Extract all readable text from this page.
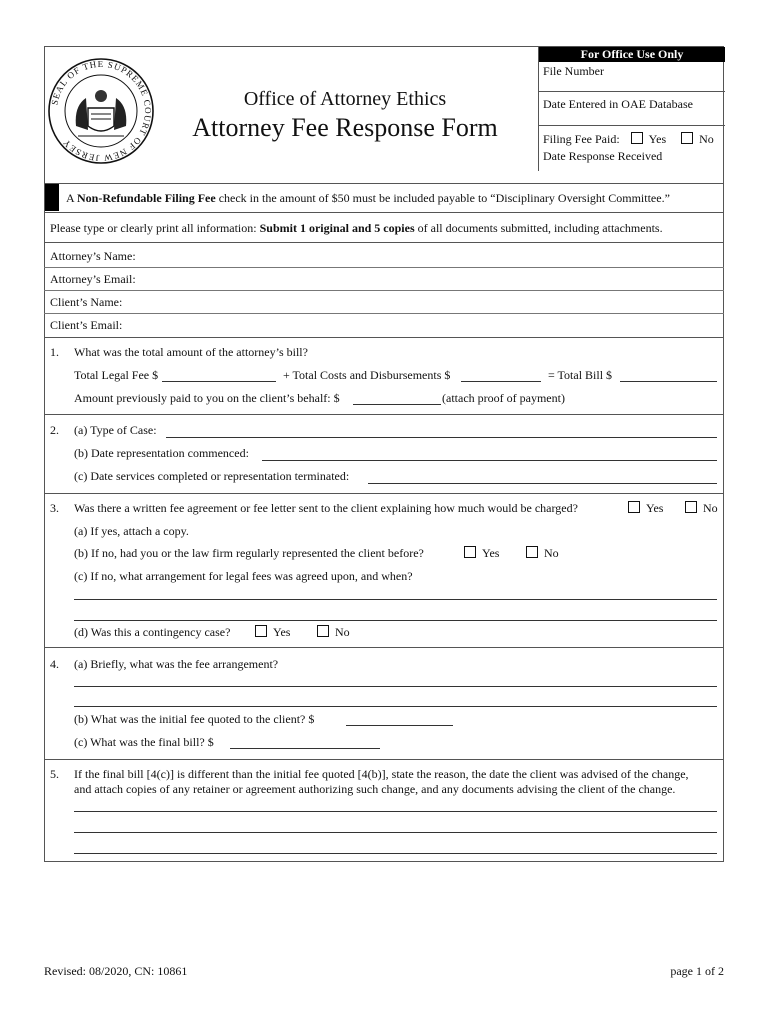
SEAL OF THE SUPREME COURT OF NEW JERSEY
Office of Attorney Ethics
Attorney Fee Response Form
For Office Use Only
File Number
Date Entered in OAE Database
Filing Fee Paid: Yes	No
Date Response Received
A Non-Refundable Filing Fee check in the amount of $50 must be included payable to “Disciplinary Oversight Committee.”
Please type or clearly print all information: Submit 1 original and 5 copies of all documents submitted, including attachments.
Attorney’s Name:
Attorney’s Email:
Client’s Name:
Client’s Email:
1. What was the total amount of the attorney’s bill?
Total Legal Fee $	+ Total Costs and Disbursements $	= Total Bill $
Amount previously paid to you on the client’s behalf: $	(attach proof of payment)
2. (a) Type of Case:
(b) Date representation commenced:
(c) Date services completed or representation terminated:
3. Was there a written fee agreement or fee letter sent to the client explaining how much would be charged?	Yes	No
(a) If yes, attach a copy.
(b) If no, had you or the law firm regularly represented the client before?	Yes	No
(c) If no, what arrangement for legal fees was agreed upon, and when?
(d) Was this a contingency case?	Yes	No
4. (a) Briefly, what was the fee arrangement?
(b) What was the initial fee quoted to the client? $
(c) What was the final bill? $
5. If the final bill [4(c)] is different than the initial fee quoted [4(b)], state the reason, the date the client was advised of the change,
and attach copies of any retainer or agreement authorizing such change, and any documents advising the client of the change.
Revised: 08/2020, CN: 10861	page 1 of 2
